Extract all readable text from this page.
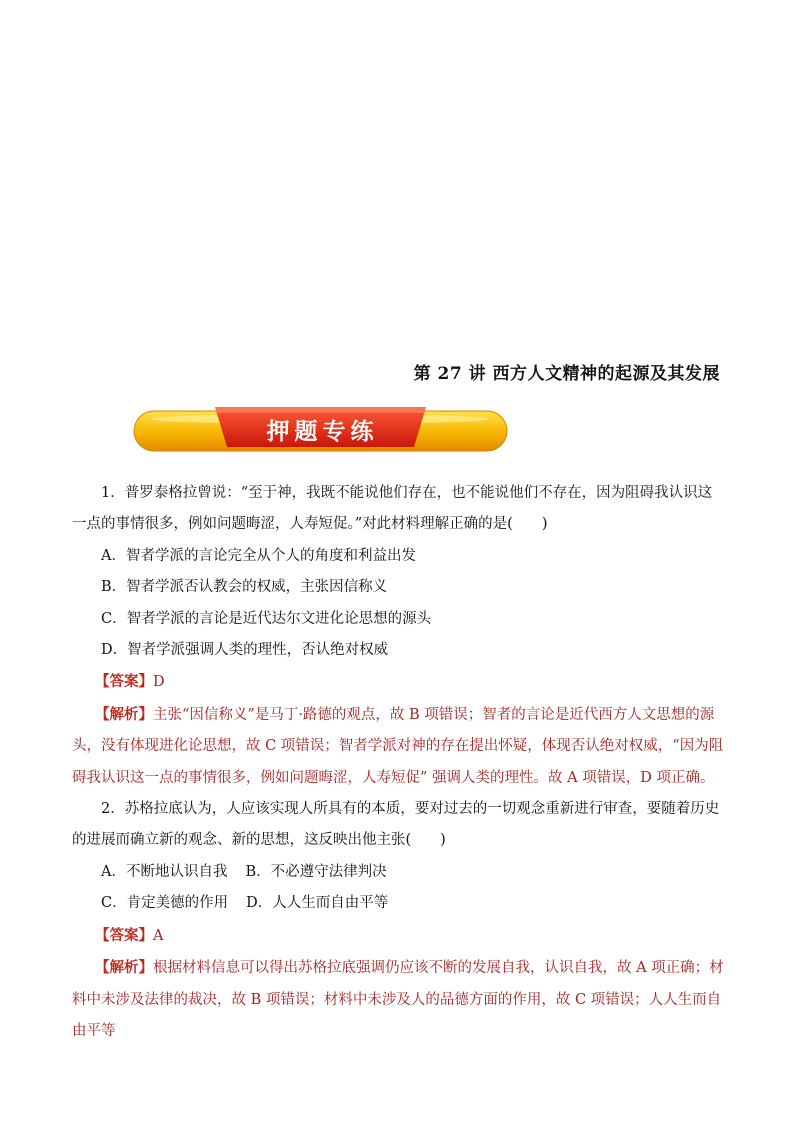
第 27 讲 西方人文精神的起源及其发展
押题专练

1．普罗泰格拉曾说：“至于神，我既不能说他们存在，也不能说他们不存在，因为阻碍我认识这一点的事情很多，例如问题晦涩，人寿短促。”对此材料理解正确的是(　　)

A．智者学派的言论完全从个人的角度和利益出发

B．智者学派否认教会的权威，主张因信称义

C．智者学派的言论是近代达尔文进化论思想的源头

D．智者学派强调人类的理性，否认绝对权威

【答案】D

【解析】主张“因信称义”是马丁·路德的观点，故 B 项错误；智者的言论是近代西方人文思想的源头，没有体现进化论思想，故 C 项错误；智者学派对神的存在提出怀疑，体现否认绝对权威，“因为阻碍我认识这一点的事情很多，例如问题晦涩，人寿短促” 强调人类的理性。故 A 项错误，D 项正确。

2．苏格拉底认为，人应该实现人所具有的本质，要对过去的一切观念重新进行审查，要随着历史的进展而确立新的观念、新的思想，这反映出他主张(　　)

A．不断地认识自我 B．不必遵守法律判决

C．肯定美德的作用 D．人人生而自由平等

【答案】A

【解析】根据材料信息可以得出苏格拉底强调仍应该不断的发展自我，认识自我，故 A 项正确；材料中未涉及法律的裁决，故 B 项错误；材料中未涉及人的品德方面的作用，故 C 项错误；人人生而自由平等
